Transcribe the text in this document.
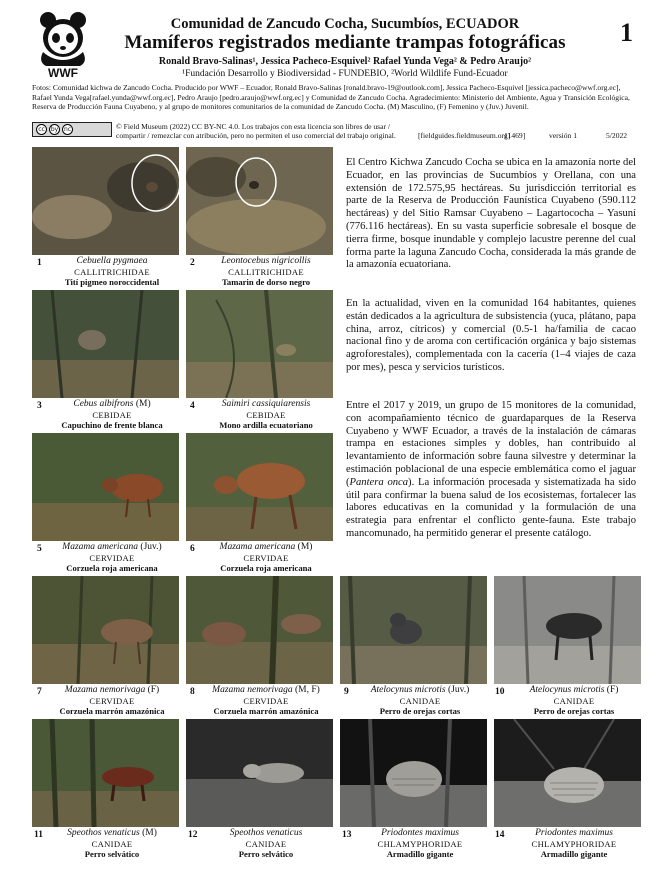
WWF
Comunidad de Zancudo Cocha, Sucumbíos, ECUADOR
Mamíferos registrados mediante trampas fotográficas	1
Ronald Bravo-Salinas¹, Jessica Pacheco-Esquivel² Rafael Yunda Vega² & Pedro Araujo²
¹Fundación Desarrollo y Biodiversidad - FUNDEBIO, ²World Wildlife Fund-Ecuador
Fotos: Comunidad kichwa de Zancudo Cocha. Producido por WWF – Ecuador, Ronald Bravo-Salinas [ronald.bravo-19@outlook.com], Jessica Pacheco-Esquivel [jessica.pacheco@wwf.org.ec], Rafael Yunda Vega[rafael.yunda@wwf.org.ec], Pedro Araujo [pedro.araujo@wwf.org.ec] y Comunidad de Zancudo Cocha. Agradecimiento: Ministerio del Ambiente, Agua y Transición Ecológica, Reserva de Producción Fauna Cuyabeno, y al grupo de monitores comunitarios de la comunidad de Zancudo Cocha. (M) Masculino, (F) Femenino y (Juv.) Juvenil.
cc	by nc	© Field Museum (2022) CC BY-NC 4.0. Los trabajos con esta licencia son libres de usar / compartir / remezclar con atribución, pero no permiten el uso comercial del trabajo original.	[fieldguides.fieldmuseum.org]
[1469]	versión 1	5/2022
1	2
3	4
5	6
7	8	9	10
11	12	13	14
Cebuella pygmaea
CALLITRICHIDAE
Tití pigmeo noroccidental
Leontocebus nigricollis
CALLITRICHIDAE
Tamarin de dorso negro
Cebus albifrons (M)
CEBIDAE
Capuchino de frente blanca
Saimiri cassiquiarensis
CEBIDAE
Mono ardilla ecuatoriano
Mazama americana (Juv.)
CERVIDAE
Corzuela roja americana
Mazama americana (M)
CERVIDAE
Corzuela roja americana
Mazama nemorivaga (F)
CERVIDAE
Corzuela marrón amazónica
Mazama nemorivaga (M, F)
CERVIDAE
Corzuela marrón amazónica
Atelocynus microtis (Juv.)
CANIDAE
Perro de orejas cortas
Atelocynus microtis (F)
CANIDAE
Perro de orejas cortas
Speothos venaticus (M)
CANIDAE
Perro selvático
Speothos venaticus
CANIDAE
Perro selvático
Priodontes maximus
CHLAMYPHORIDAE
Armadillo gigante
Priodontes maximus
CHLAMYPHORIDAE
Armadillo gigante
El Centro Kichwa Zancudo Cocha se ubica en la amazonía norte del Ecuador, en las provincias de Sucumbíos y Orellana, con una extensión de 172.575,95 hectáreas. Su jurisdicción territorial es parte de la Reserva de Producción Faunística Cuyabeno (590.112 hectáreas) y del Sitio Ramsar Cuyabeno – Lagartococha – Yasuní (776.116 hectáreas). En su vasta superficie sobresale el bosque de tierra firme, bosque inundable y complejo lacustre perenne del cual forma parte la laguna Zancudo Cocha, considerada la más grande de la amazonía ecuatoriana.
En la actualidad, viven en la comunidad 164 habitantes, quienes están dedicados a la agricultura de subsistencia (yuca, plátano, papa china, arroz, cítricos) y comercial (0.5-1 ha/familia de cacao nacional fino y de aroma con certificación orgánica y bajo sistemas agroforestales), complementada con la cacería (1–4 viajes de caza por mes), pesca y servicios turísticos.
Entre el 2017 y 2019, un grupo de 15 monitores de la comunidad, con acompañamiento técnico de guardaparques de la Reserva Cuyabeno y WWF Ecuador, a través de la instalación de cámaras trampa en estaciones simples y dobles, han contribuido al levantamiento de información sobre fauna silvestre y determinar la estimación poblacional de una especie emblemática como el jaguar (Pantera onca). La información procesada y sistematizada ha sido útil para confirmar la buena salud de los ecosistemas, fortalecer las labores educativas en la comunidad y la formulación de una estrategia para enfrentar el conflicto gente-fauna. Este trabajo mancomunado, ha permitido generar el presente catálogo.
